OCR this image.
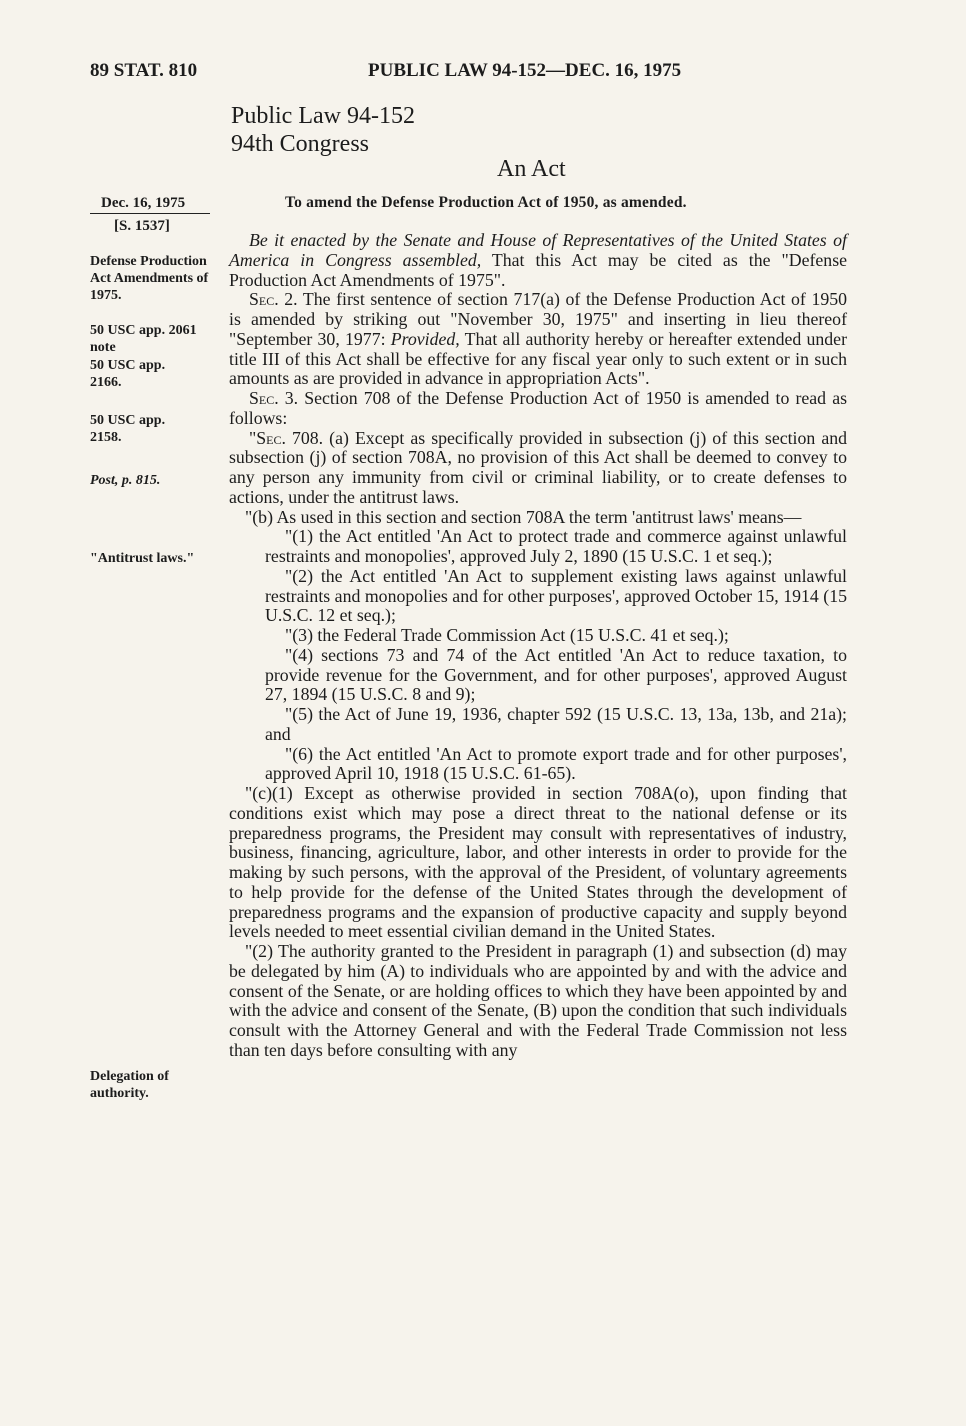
89 STAT. 810	PUBLIC LAW 94-152—DEC. 16, 1975
Public Law 94-152
94th Congress
An Act
To amend the Defense Production Act of 1950, as amended.
Dec. 16, 1975
[S. 1537]
Defense Production Act Amendments of 1975.
50 USC app. 2061 note
50 USC app. 2166.
50 USC app. 2158.
Post, p. 815.
"Antitrust laws."
Delegation of authority.

Be it enacted by the Senate and House of Representatives of the United States of America in Congress assembled, That this Act may be cited as the "Defense Production Act Amendments of 1975".

Sec. 2. The first sentence of section 717(a) of the Defense Production Act of 1950 is amended by striking out "November 30, 1975" and inserting in lieu thereof "September 30, 1977: Provided, That all authority hereby or hereafter extended under title III of this Act shall be effective for any fiscal year only to such extent or in such amounts as are provided in advance in appropriation Acts".

Sec. 3. Section 708 of the Defense Production Act of 1950 is amended to read as follows:

"Sec. 708. (a) Except as specifically provided in subsection (j) of this section and subsection (j) of section 708A, no provision of this Act shall be deemed to convey to any person any immunity from civil or criminal liability, or to create defenses to actions, under the antitrust laws.

"(b) As used in this section and section 708A the term 'antitrust laws' means—

"(1) the Act entitled 'An Act to protect trade and commerce against unlawful restraints and monopolies', approved July 2, 1890 (15 U.S.C. 1 et seq.);

"(2) the Act entitled 'An Act to supplement existing laws against unlawful restraints and monopolies and for other purposes', approved October 15, 1914 (15 U.S.C. 12 et seq.);

"(3) the Federal Trade Commission Act (15 U.S.C. 41 et seq.);

"(4) sections 73 and 74 of the Act entitled 'An Act to reduce taxation, to provide revenue for the Government, and for other purposes', approved August 27, 1894 (15 U.S.C. 8 and 9);

"(5) the Act of June 19, 1936, chapter 592 (15 U.S.C. 13, 13a, 13b, and 21a); and

"(6) the Act entitled 'An Act to promote export trade and for other purposes', approved April 10, 1918 (15 U.S.C. 61-65).

"(c)(1) Except as otherwise provided in section 708A(o), upon finding that conditions exist which may pose a direct threat to the national defense or its preparedness programs, the President may consult with representatives of industry, business, financing, agriculture, labor, and other interests in order to provide for the making by such persons, with the approval of the President, of voluntary agreements to help provide for the defense of the United States through the development of preparedness programs and the expansion of productive capacity and supply beyond levels needed to meet essential civilian demand in the United States.

"(2) The authority granted to the President in paragraph (1) and subsection (d) may be delegated by him (A) to individuals who are appointed by and with the advice and consent of the Senate, or are holding offices to which they have been appointed by and with the advice and consent of the Senate, (B) upon the condition that such individuals consult with the Attorney General and with the Federal Trade Commission not less than ten days before consulting with any
